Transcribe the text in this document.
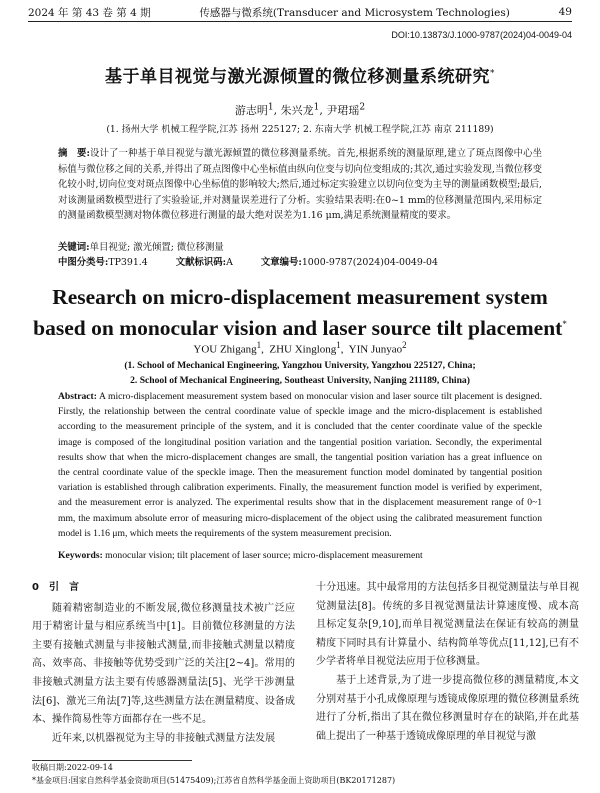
2024 年 第 43 卷 第 4 期	传感器与微系统(Transducer and Microsystem Technologies)	49
DOI:10.13873/J.1000-9787(2024)04-0049-04
基于单目视觉与激光源倾置的微位移测量系统研究*
游志明$^1$, 朱兴龙$^1$, 尹珺瑶$^2$
(1. 扬州大学 机械工程学院,江苏 扬州 225127; 2. 东南大学 机械工程学院,江苏 南京 211189)
摘　要:设计了一种基于单目视觉与激光源倾置的微位移测量系统。首先,根据系统的测量原理,建立了斑点图像中心坐标值与微位移之间的关系,并得出了斑点图像中心坐标值由纵向位变与切向位变组成的;其次,通过实验发现,当微位移变化较小时,切向位变对斑点图像中心坐标值的影响较大;然后,通过标定实验建立以切向位变为主导的测量函数模型;最后,对该测量函数模型进行了实验验证,并对测量误差进行了分析。实验结果表明:在0~1 mm的位移测量范围内,采用标定的测量函数模型测对物体微位移进行测量的最大绝对误差为1.16 μm,满足系统测量精度的要求。
关键词:单目视觉; 激光倾置; 微位移测量
中图分类号:TP391.4	文献标识码:A	文章编号:1000-9787(2024)04-0049-04
Research on micro-displacement measurement system based on monocular vision and laser source tilt placement*
YOU Zhigang$^1$,  ZHU Xinglong$^1$,  YIN Junyao$^2$
(1. School of Mechanical Engineering, Yangzhou University, Yangzhou 225127, China;
2. School of Mechanical Engineering, Southeast University, Nanjing 211189, China)
Abstract: A micro-displacement measurement system based on monocular vision and laser source tilt placement is designed. Firstly, the relationship between the central coordinate value of speckle image and the micro-displacement is established according to the measurement principle of the system, and it is concluded that the center coordinate value of the speckle image is composed of the longitudinal position variation and the tangential position variation. Secondly, the experimental results show that when the micro-displacement changes are small, the tangential position variation has a great influence on the central coordinate value of the speckle image. Then the measurement function model dominated by tangential position variation is established through calibration experiments. Finally, the measurement function model is verified by experiment, and the measurement error is analyzed. The experimental results show that in the displacement measurement range of 0~1 mm, the maximum absolute error of measuring micro-displacement of the object using the calibrated measurement function model is 1.16 μm, which meets the requirements of the system measurement precision.
Keywords: monocular vision; tilt placement of laser source; micro-displacement measurement
0　引　言

随着精密制造业的不断发展,微位移测量技术被广泛应用于精密计量与相应系统当中[1]。目前微位移测量的方法主要有接触式测量与非接触式测量,而非接触式测量以精度高、效率高、非接触等优势受到广泛的关注[2~4]。常用的非接触式测量方法主要有传感器测量法[5]、光学干涉测量法[6]、激光三角法[7]等,这些测量方法在测量精度、设备成本、操作简易性等方面都存在一些不足。

近年来,以机器视觉为主导的非接触式测量方法发展

十分迅速。其中最常用的方法包括多目视觉测量法与单目视觉测量法[8]。传统的多目视觉测量法计算速度慢、成本高且标定复杂[9,10],而单目视觉测量法在保证有较高的测量精度下同时具有计算量小、结构简单等优点[11,12],已有不少学者将单目视觉法应用于位移测量。

基于上述背景,为了进一步提高微位移的测量精度,本文分别对基于小孔成像原理与透镜成像原理的微位移测量系统进行了分析,指出了其在微位移测量时存在的缺陷,并在此基础上提出了一种基于透镜成像原理的单目视觉与激

收稿日期:2022-09-14
*基金项目:国家自然科学基金资助项目(51475409);江苏省自然科学基金面上资助项目(BK20171287)
